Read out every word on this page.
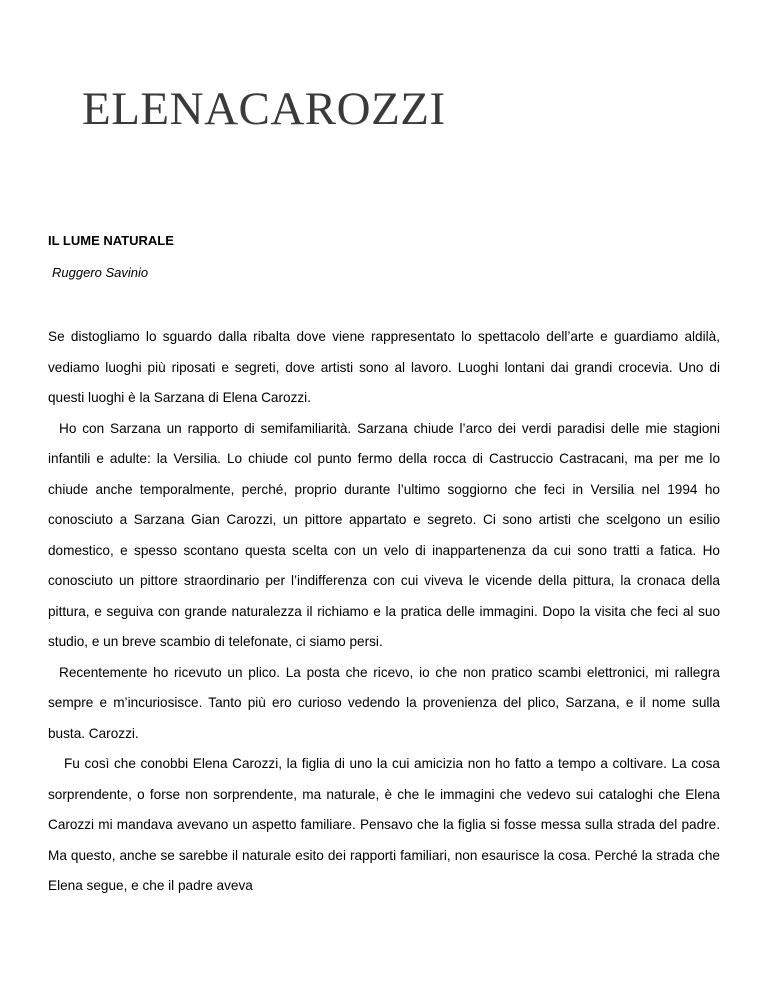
ELENACAROZZI
IL LUME NATURALE
Ruggero Savinio

Se distogliamo lo sguardo dalla ribalta dove viene rappresentato lo spettacolo dell’arte e guardiamo aldilà, vediamo luoghi più riposati e segreti, dove artisti sono al lavoro. Luoghi lontani dai grandi crocevia. Uno di questi luoghi è la Sarzana di Elena Carozzi.

Ho con Sarzana un rapporto di semifamiliarità. Sarzana chiude l’arco dei verdi paradisi delle mie stagioni infantili e adulte: la Versilia. Lo chiude col punto fermo della rocca di Castruccio Castracani, ma per me lo chiude anche temporalmente, perché, proprio durante l’ultimo soggiorno che feci in Versilia nel 1994 ho conosciuto a Sarzana Gian Carozzi, un pittore appartato e segreto. Ci sono artisti che scelgono un esilio domestico, e spesso scontano questa scelta con un velo di inappartenenza da cui sono tratti a fatica. Ho conosciuto un pittore straordinario per l’indifferenza con cui viveva le vicende della pittura, la cronaca della pittura, e seguiva con grande naturalezza il richiamo e la pratica delle immagini. Dopo la visita che feci al suo studio, e un breve scambio di telefonate, ci siamo persi.

Recentemente ho ricevuto un plico. La posta che ricevo, io che non pratico scambi elettronici, mi rallegra sempre e m’incuriosisce. Tanto più ero curioso vedendo la provenienza del plico, Sarzana, e il nome sulla busta. Carozzi.

Fu così che conobbi Elena Carozzi, la figlia di uno la cui amicizia non ho fatto a tempo a coltivare. La cosa sorprendente, o forse non sorprendente, ma naturale, è che le immagini che vedevo sui cataloghi che Elena Carozzi mi mandava avevano un aspetto familiare. Pensavo che la figlia si fosse messa sulla strada del padre. Ma questo, anche se sarebbe il naturale esito dei rapporti familiari, non esaurisce la cosa. Perché la strada che Elena segue, e che il padre aveva
